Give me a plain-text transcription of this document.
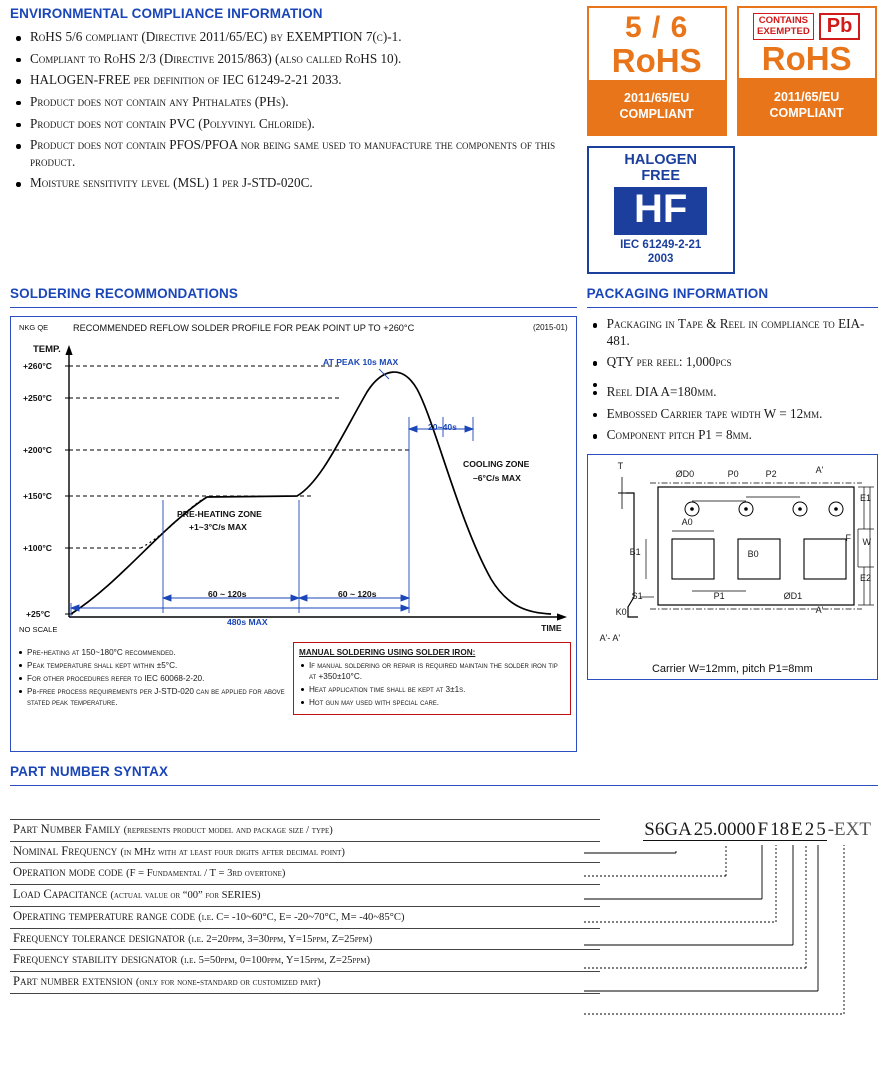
ENVIRONMENTAL COMPLIANCE INFORMATION
RoHS 5/6 compliant (Directive 2011/65/EC) by EXEMPTION 7(c)-1.
Compliant to RoHS 2/3 (Directive 2015/863) (also called RoHS 10).
HALOGEN-FREE per definition of IEC 61249-2-21 2033.
Product does not contain any Phthalates (PHs).
Product does not contain PVC (Polyvinyl Chloride).
Product does not contain PFOS/PFOA nor being same used to manufacture the components of this product.
Moisture sensitivity level (MSL) 1 per J-STD-020C.
5 / 6
RoHS
2011/65/EU
COMPLIANT
CONTAINS
EXEMPTED Pb
RoHS
2011/65/EU
COMPLIANT
HALOGEN
FREE
HF
IEC 61249-2-21
2003
SOLDERING RECOMMONDATIONS
NKG QE	RECOMMENDED REFLOW SOLDER PROFILE FOR PEAK POINT UP TO +260°C	(2015-01)
TEMP.
+260°C
+250°C
+200°C
+150°C
+100°C
+25°C
NO SCALE	TIME
AT PEAK 10s MAX
20~40s
COOLING ZONE
–6°C/s MAX
PRE-HEATING ZONE
+1~3°C/s MAX
60 ~ 120s	60 ~ 120s
480s MAX
Pre-heating at 150~180°C recommended.
Peak temperature shall kept within ±5°C.
For other procedures refer to IEC 60068-2-20.
Pb-free process requirements per J-STD-020 can be applied for above stated peak temperature.
MANUAL SOLDERING USING SOLDER IRON:
If manual soldering or repair is required maintain the solder iron tip at +350±10°C.
Heat application time shall be kept at 3±1s.
Hot gun may used with special care.
PACKAGING INFORMATION
Packaging in Tape & Reel in compliance to EIA-481.
QTY per reel: 1,000pcs
Reel DIA A=180mm.
Embossed Carrier tape width W = 12mm.
Component pitch P1 = 8mm.
T
ØD0	P0	P2	A'
E1
A0
F W
B1	B0
E2
S1	P1	ØD1
K0	A'
A'- A'
Carrier W=12mm, pitch P1=8mm
PART NUMBER SYNTAX
S6GA 25.0000 F 18 E 2 5 -EXT
Part Number Family (represents product model and package size / type)
Nominal Frequency (in MHz with at least four digits after decimal point)
Operation mode code (F = Fundamental / T = 3rd overtone)
Load Capacitance (actual value or “00” for SERIES)
Operating temperature range code (i.e. C= -10~60°C, E= -20~70°C, M= -40~85°C)
Frequency tolerance designator (i.e. 2=20ppm, 3=30ppm, Y=15ppm, Z=25ppm)
Frequency stability designator (i.e. 5=50ppm, 0=100ppm, Y=15ppm, Z=25ppm)
Part number extension (only for none-standard or customized part)
